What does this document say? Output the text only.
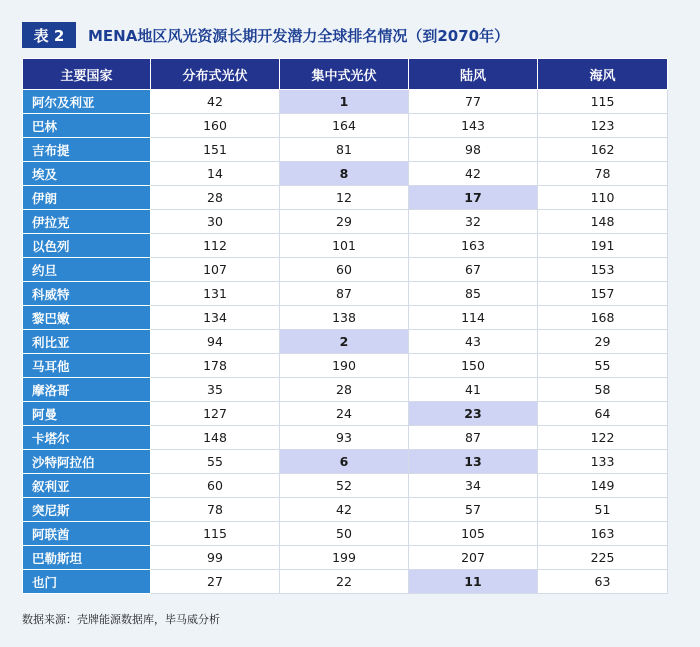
表 2	MENA地区风光资源长期开发潜力全球排名情况（到2070年）
主要国家	分布式光伏	集中式光伏	陆风	海风
阿尔及利亚	42	1	77	115
巴林	160	164	143	123
吉布提	151	81	98	162
埃及	14	8	42	78
伊朗	28	12	17	110
伊拉克	30	29	32	148
以色列	112	101	163	191
约旦	107	60	67	153
科威特	131	87	85	157
黎巴嫩	134	138	114	168
利比亚	94	2	43	29
马耳他	178	190	150	55
摩洛哥	35	28	41	58
阿曼	127	24	23	64
卡塔尔	148	93	87	122
沙特阿拉伯	55	6	13	133
叙利亚	60	52	34	149
突尼斯	78	42	57	51
阿联酋	115	50	105	163
巴勒斯坦	99	199	207	225
也门	27	22	11	63
数据来源：壳牌能源数据库，毕马威分析
